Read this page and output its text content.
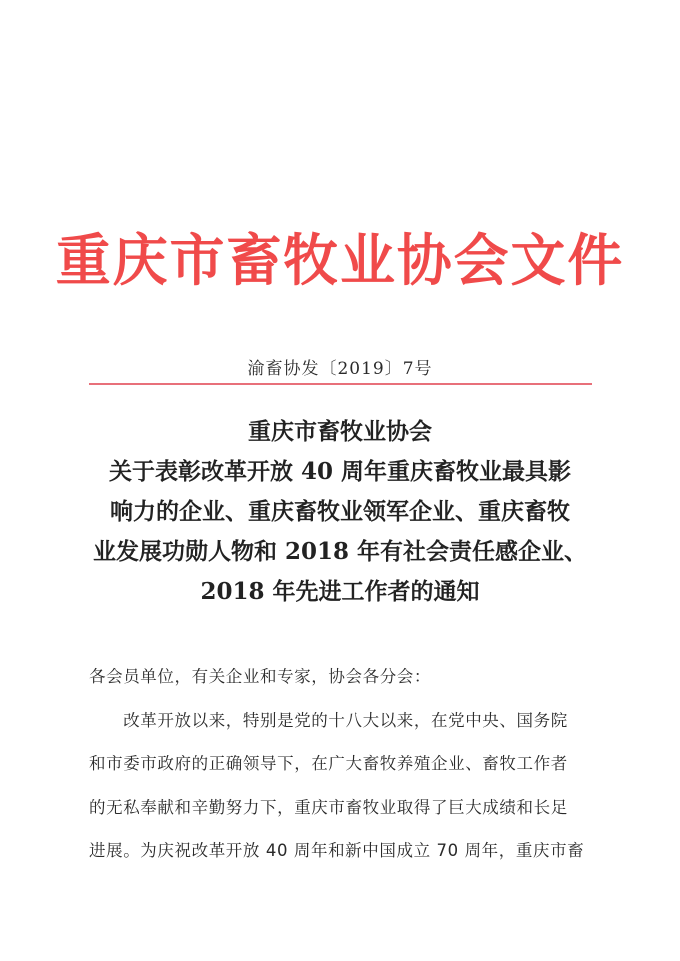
重庆市畜牧业协会文件
渝畜协发〔2019〕7号
重庆市畜牧业协会
关于表彰改革开放 40 周年重庆畜牧业最具影
响力的企业、重庆畜牧业领军企业、重庆畜牧
业发展功勋人物和 2018 年有社会责任感企业、
2018 年先进工作者的通知
各会员单位，有关企业和专家，协会各分会：
　　改革开放以来，特别是党的十八大以来，在党中央、国务院
和市委市政府的正确领导下，在广大畜牧养殖企业、畜牧工作者
的无私奉献和辛勤努力下，重庆市畜牧业取得了巨大成绩和长足
进展。为庆祝改革开放 40 周年和新中国成立 70 周年，重庆市畜
